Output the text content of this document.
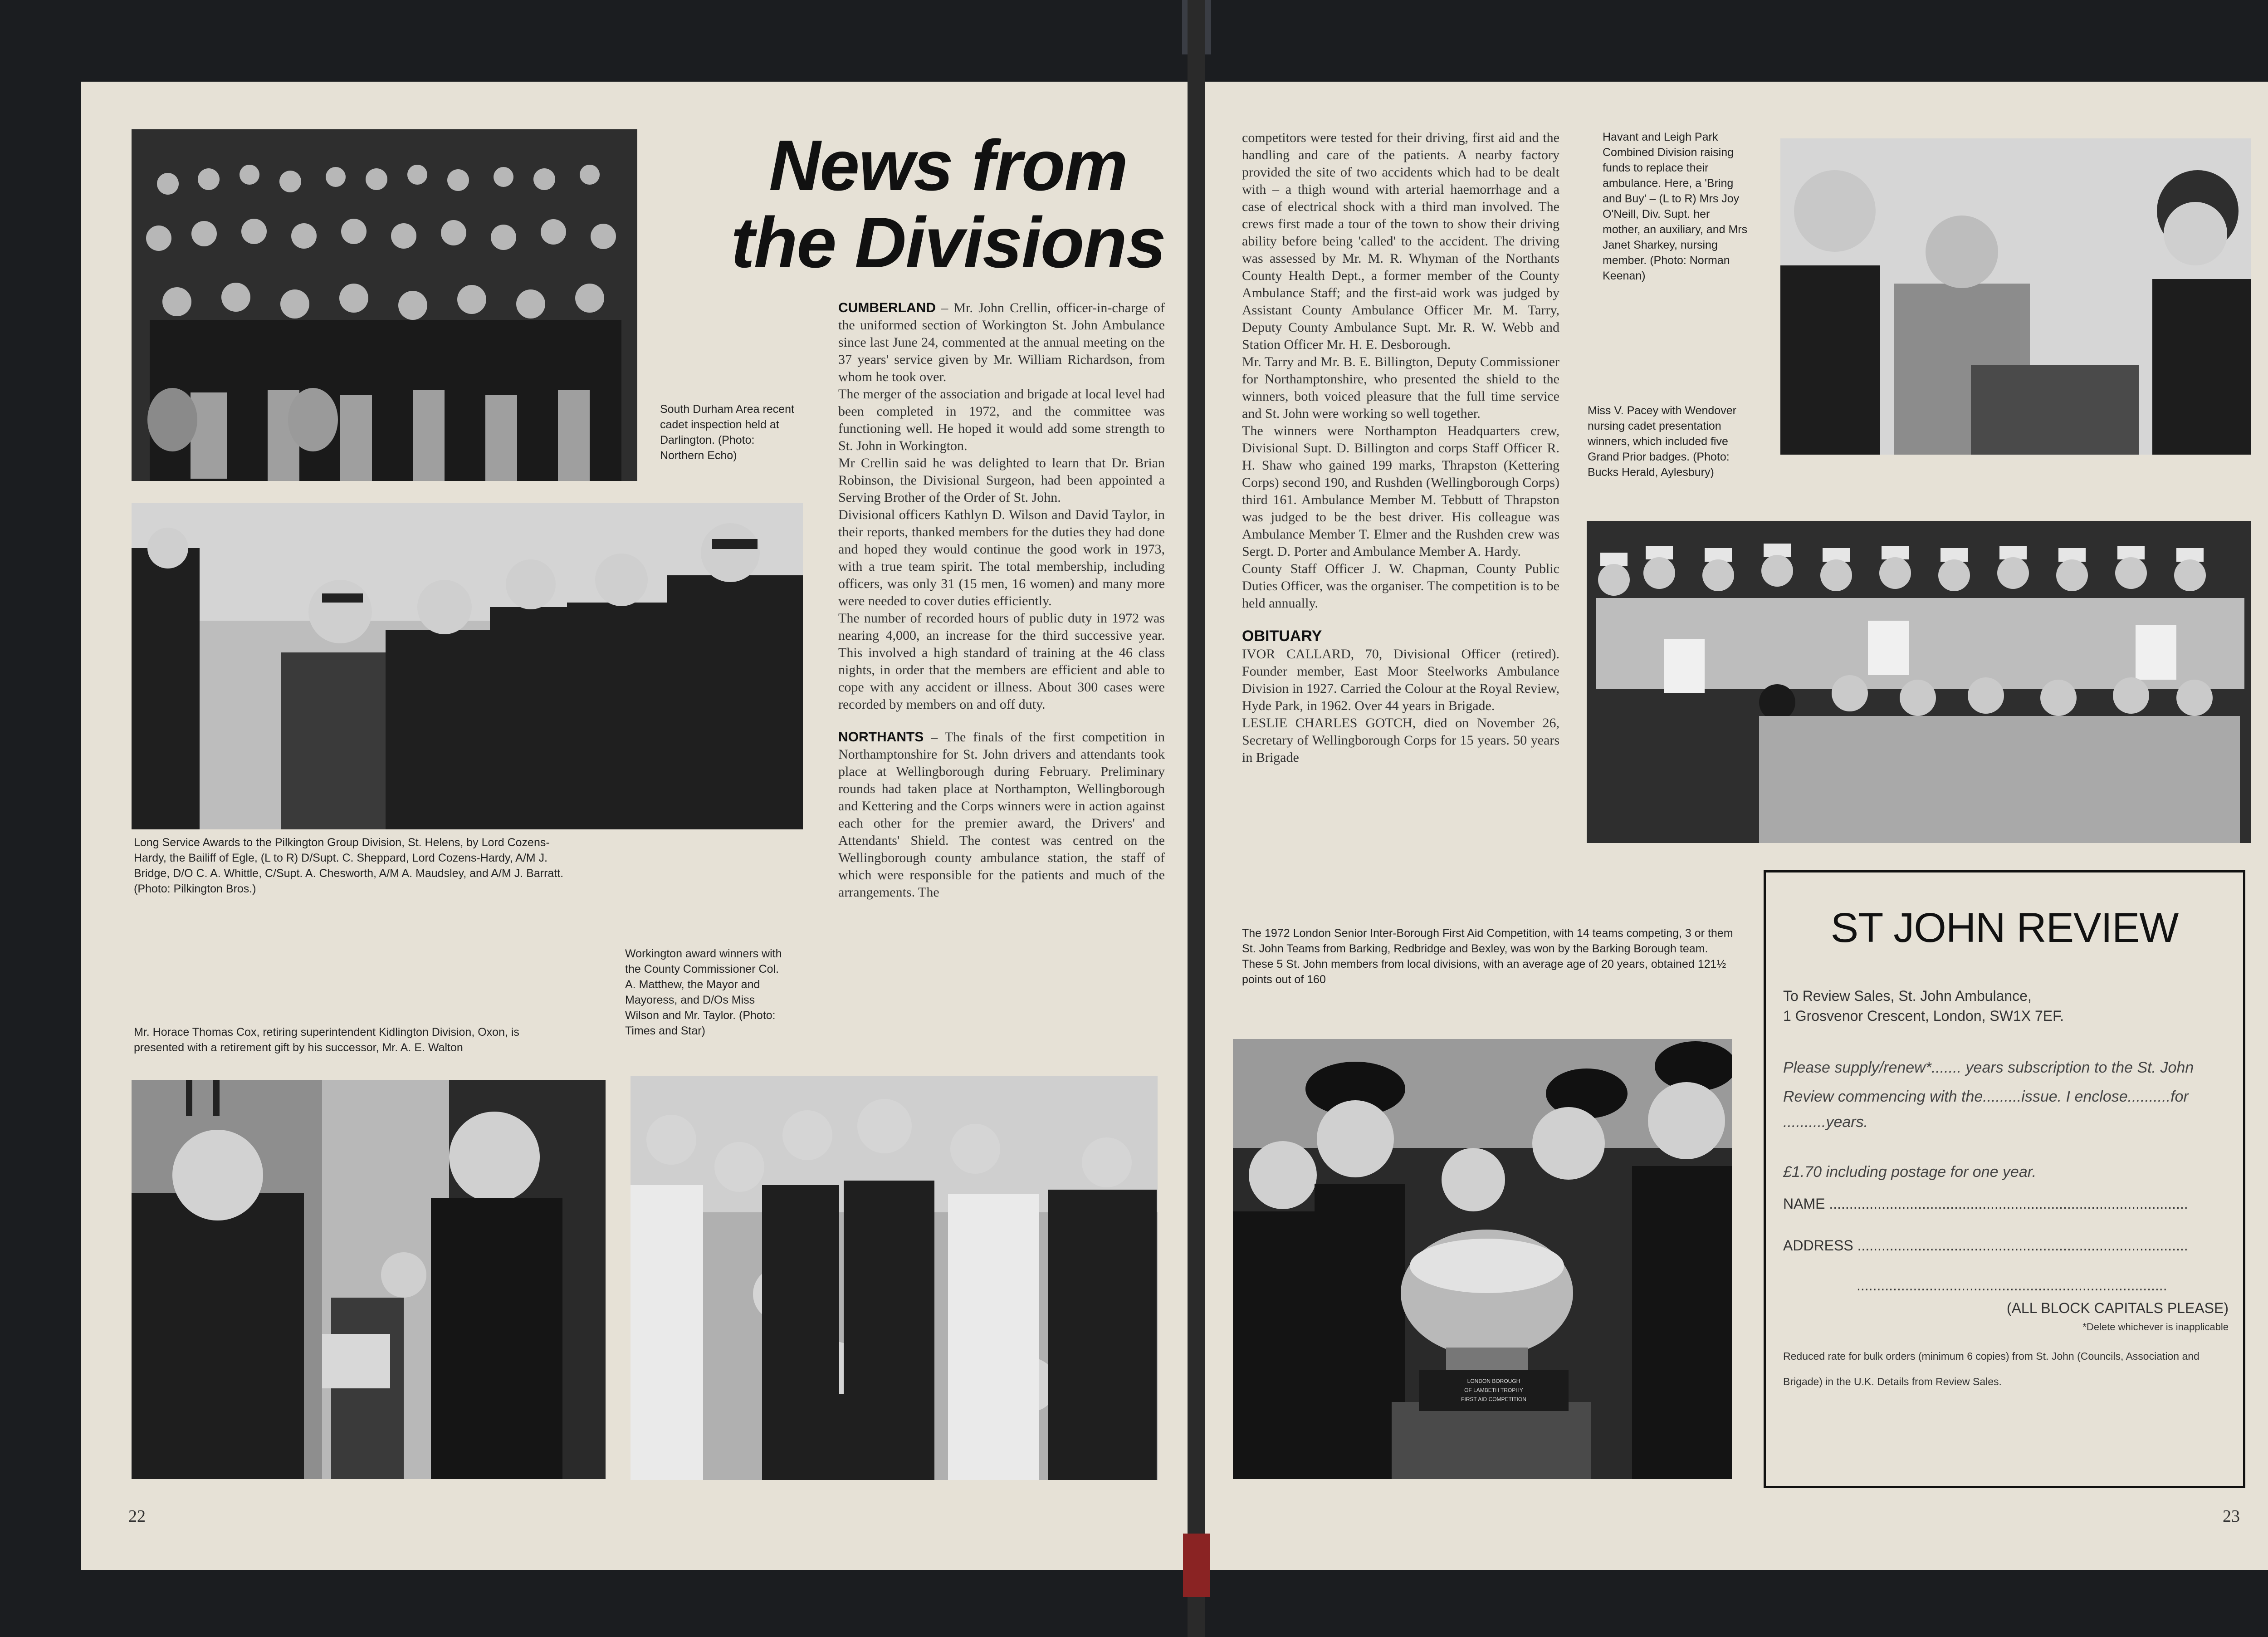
South Durham Area recent cadet inspection held at Darlington. (Photo: Northern Echo)

News from
the Divisions

Long Service Awards to the Pilkington Group Division, St. Helens, by Lord Cozens-Hardy, the Bailiff of Egle, (L to R) D/Supt. C. Sheppard, Lord Cozens-Hardy, A/M J. Bridge, D/O C. A. Whittle, C/Supt. A. Chesworth, A/M A. Maudsley, and A/M J. Barratt. (Photo: Pilkington Bros.)

CUMBERLAND – Mr. John Crellin, officer-in-charge of the uniformed section of Workington St. John Ambulance since last June 24, commented at the annual meeting on the 37 years' service given by Mr. William Richardson, from whom he took over.

The merger of the association and brigade at local level had been completed in 1972, and the committee was functioning well. He hoped it would add some strength to St. John in Workington.

Mr Crellin said he was delighted to learn that Dr. Brian Robinson, the Divisional Surgeon, had been appointed a Serving Brother of the Order of St. John.

Divisional officers Kathlyn D. Wilson and David Taylor, in their reports, thanked members for the duties they had done and hoped they would continue the good work in 1973, with a true team spirit. The total membership, including officers, was only 31 (15 men, 16 women) and many more were needed to cover duties efficiently.

The number of recorded hours of public duty in 1972 was nearing 4,000, an increase for the third successive year. This involved a high standard of training at the 46 class nights, in order that the members are efficient and able to cope with any accident or illness. About 300 cases were recorded by members on and off duty.

NORTHANTS – The finals of the first competition in Northamptonshire for St. John drivers and attendants took place at Wellingborough during February. Preliminary rounds had taken place at Northampton, Wellingborough and Kettering and the Corps winners were in action against each other for the premier award, the Drivers' and Attendants' Shield. The contest was centred on the Wellingborough county ambulance station, the staff of which were responsible for the patients and much of the arrangements. The

Workington award winners with the County Commissioner Col. A. Matthew, the Mayor and Mayoress, and D/Os Miss Wilson and Mr. Taylor. (Photo: Times and Star)

Mr. Horace Thomas Cox, retiring superintendent Kidlington Division, Oxon, is presented with a retirement gift by his successor, Mr. A. E. Walton

22

competitors were tested for their driving, first aid and the handling and care of the patients. A nearby factory provided the site of two accidents which had to be dealt with – a thigh wound with arterial haemorrhage and a case of electrical shock with a third man involved. The crews first made a tour of the town to show their driving ability before being 'called' to the accident. The driving was assessed by Mr. M. R. Whyman of the Northants County Health Dept., a former member of the County Ambulance Staff; and the first-aid work was judged by Assistant County Ambulance Officer Mr. M. Tarry, Deputy County Ambulance Supt. Mr. R. W. Webb and Station Officer Mr. H. E. Desborough.

Mr. Tarry and Mr. B. E. Billington, Deputy Commissioner for Northamptonshire, who presented the shield to the winners, both voiced pleasure that the full time service and St. John were working so well together.

The winners were Northampton Headquarters crew, Divisional Supt. D. Billington and corps Staff Officer R. H. Shaw who gained 199 marks, Thrapston (Kettering Corps) second 190, and Rushden (Wellingborough Corps) third 161. Ambulance Member M. Tebbutt of Thrapston was judged to be the best driver. His colleague was Ambulance Member T. Elmer and the Rushden crew was Sergt. D. Porter and Ambulance Member A. Hardy.

County Staff Officer J. W. Chapman, County Public Duties Officer, was the organiser. The competition is to be held annually.

OBITUARY

IVOR CALLARD, 70, Divisional Officer (retired). Founder member, East Moor Steelworks Ambulance Division in 1927. Carried the Colour at the Royal Review, Hyde Park, in 1962. Over 44 years in Brigade.

LESLIE CHARLES GOTCH, died on November 26, Secretary of Wellingborough Corps for 15 years. 50 years in Brigade

Havant and Leigh Park Combined Division raising funds to replace their ambulance. Here, a 'Bring and Buy' – (L to R) Mrs Joy O'Neill, Div. Supt. her mother, an auxiliary, and Mrs Janet Sharkey, nursing member. (Photo: Norman Keenan)

Miss V. Pacey with Wendover nursing cadet presentation winners, which included five Grand Prior badges. (Photo: Bucks Herald, Aylesbury)

The 1972 London Senior Inter-Borough First Aid Competition, with 14 teams competing, 3 or them St. John Teams from Barking, Redbridge and Bexley, was won by the Barking Borough team. These 5 St. John members from local divisions, with an average age of 20 years, obtained 121½ points out of 160

LONDON BOROUGH
OF LAMBETH TROPHY
FIRST AID COMPETITION
ST JOHN REVIEW
To Review Sales, St. John Ambulance,
1 Grosvenor Crescent, London, SW1X 7EF.
Please supply/renew*....... years subscription to the St. John
Review commencing with the.........issue. I enclose..........for
..........years.
£1.70 including postage for one year.
NAME .........................................................................................
ADDRESS ..................................................................................
.............................................................................
(ALL BLOCK CAPITALS PLEASE)
*Delete whichever is inapplicable
Reduced rate for bulk orders (minimum 6 copies) from St. John (Councils, Association and Brigade) in the U.K. Details from Review Sales.
23
